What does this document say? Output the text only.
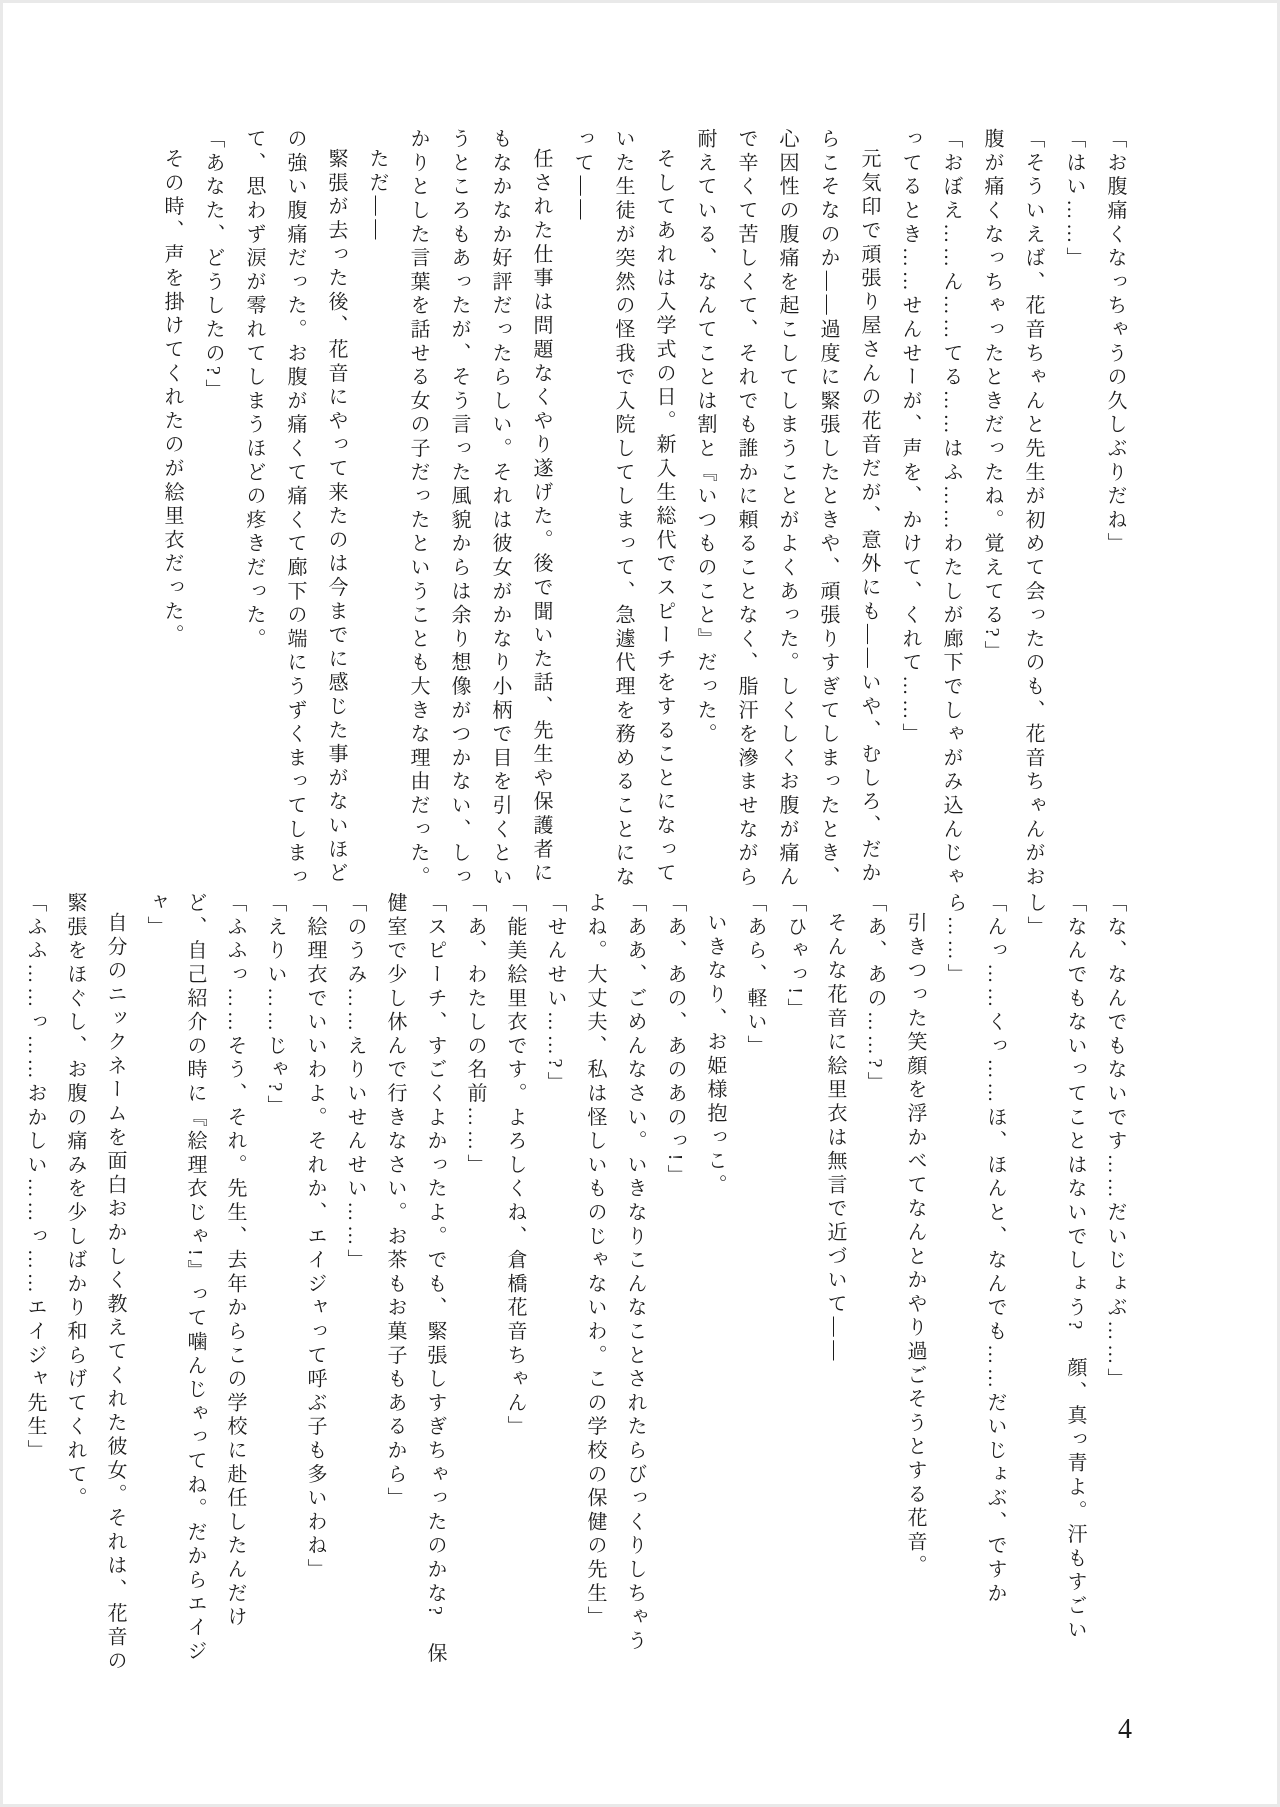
「お腹痛くなっちゃうの久しぶりだね」

「はい……」

「そういえば、花音ちゃんと先生が初めて会ったのも、花音ちゃんがお腹が痛くなっちゃったときだったね。覚えてる?」

「おぼえ……ん……てる……はふ……わたしが廊下でしゃがみ込んじゃってるとき……せんせーが、声を、かけて、くれて……」

元気印で頑張り屋さんの花音だが、意外にも――いや、むしろ、だからこそなのか――過度に緊張したときや、頑張りすぎてしまったとき、心因性の腹痛を起こしてしまうことがよくあった。しくしくお腹が痛んで辛くて苦しくて、それでも誰かに頼ることなく、脂汗を滲ませながら耐えている、なんてことは割と『いつものこと』だった。

そしてあれは入学式の日。新入生総代でスピーチをすることになっていた生徒が突然の怪我で入院してしまって、急遽代理を務めることになって――

任された仕事は問題なくやり遂げた。後で聞いた話、先生や保護者にもなかなか好評だったらしい。それは彼女がかなり小柄で目を引くというところもあったが、そう言った風貌からは余り想像がつかない、しっかりとした言葉を話せる女の子だったということも大きな理由だった。

ただ――

緊張が去った後、花音にやって来たのは今までに感じた事がないほどの強い腹痛だった。お腹が痛くて痛くて廊下の端にうずくまってしまって、思わず涙が零れてしまうほどの疼きだった。

「あなた、どうしたの?」

その時、声を掛けてくれたのが絵里衣だった。

「な、なんでもないです……だいじょぶ……」

「なんでもないってことはないでしょう?　顔、真っ青よ。汗もすごいし」

「んっ……くっ……ほ、ほんと、なんでも……だいじょぶ、ですから……」

引きつった笑顔を浮かべてなんとかやり過ごそうとする花音。

「あ、あの……?」

そんな花音に絵里衣は無言で近づいて――

「ひゃっ!」

「あら、軽い」

いきなり、お姫様抱っこ。

「あ、あの、あのあのっ!」

「ああ、ごめんなさい。いきなりこんなことされたらびっくりしちゃうよね。大丈夫、私は怪しいものじゃないわ。この学校の保健の先生」

「せんせい……?」

「能美絵里衣です。よろしくね、倉橋花音ちゃん」

「あ、わたしの名前……」

「スピーチ、すごくよかったよ。でも、緊張しすぎちゃったのかな?　保健室で少し休んで行きなさい。お茶もお菓子もあるから」

「のうみ……えりいせんせい……」

「絵理衣でいいわよ。それか、エイジャって呼ぶ子も多いわね」

「えりい……じゃ?」

「ふふっ……そう、それ。先生、去年からこの学校に赴任したんだけど、自己紹介の時に『絵理衣じゃ!』って噛んじゃってね。だからエイジャ」

自分のニックネームを面白おかしく教えてくれた彼女。それは、花音の緊張をほぐし、お腹の痛みを少しばかり和らげてくれて。

「ふふ……っ……おかしい……っ……エイジャ先生」

4
